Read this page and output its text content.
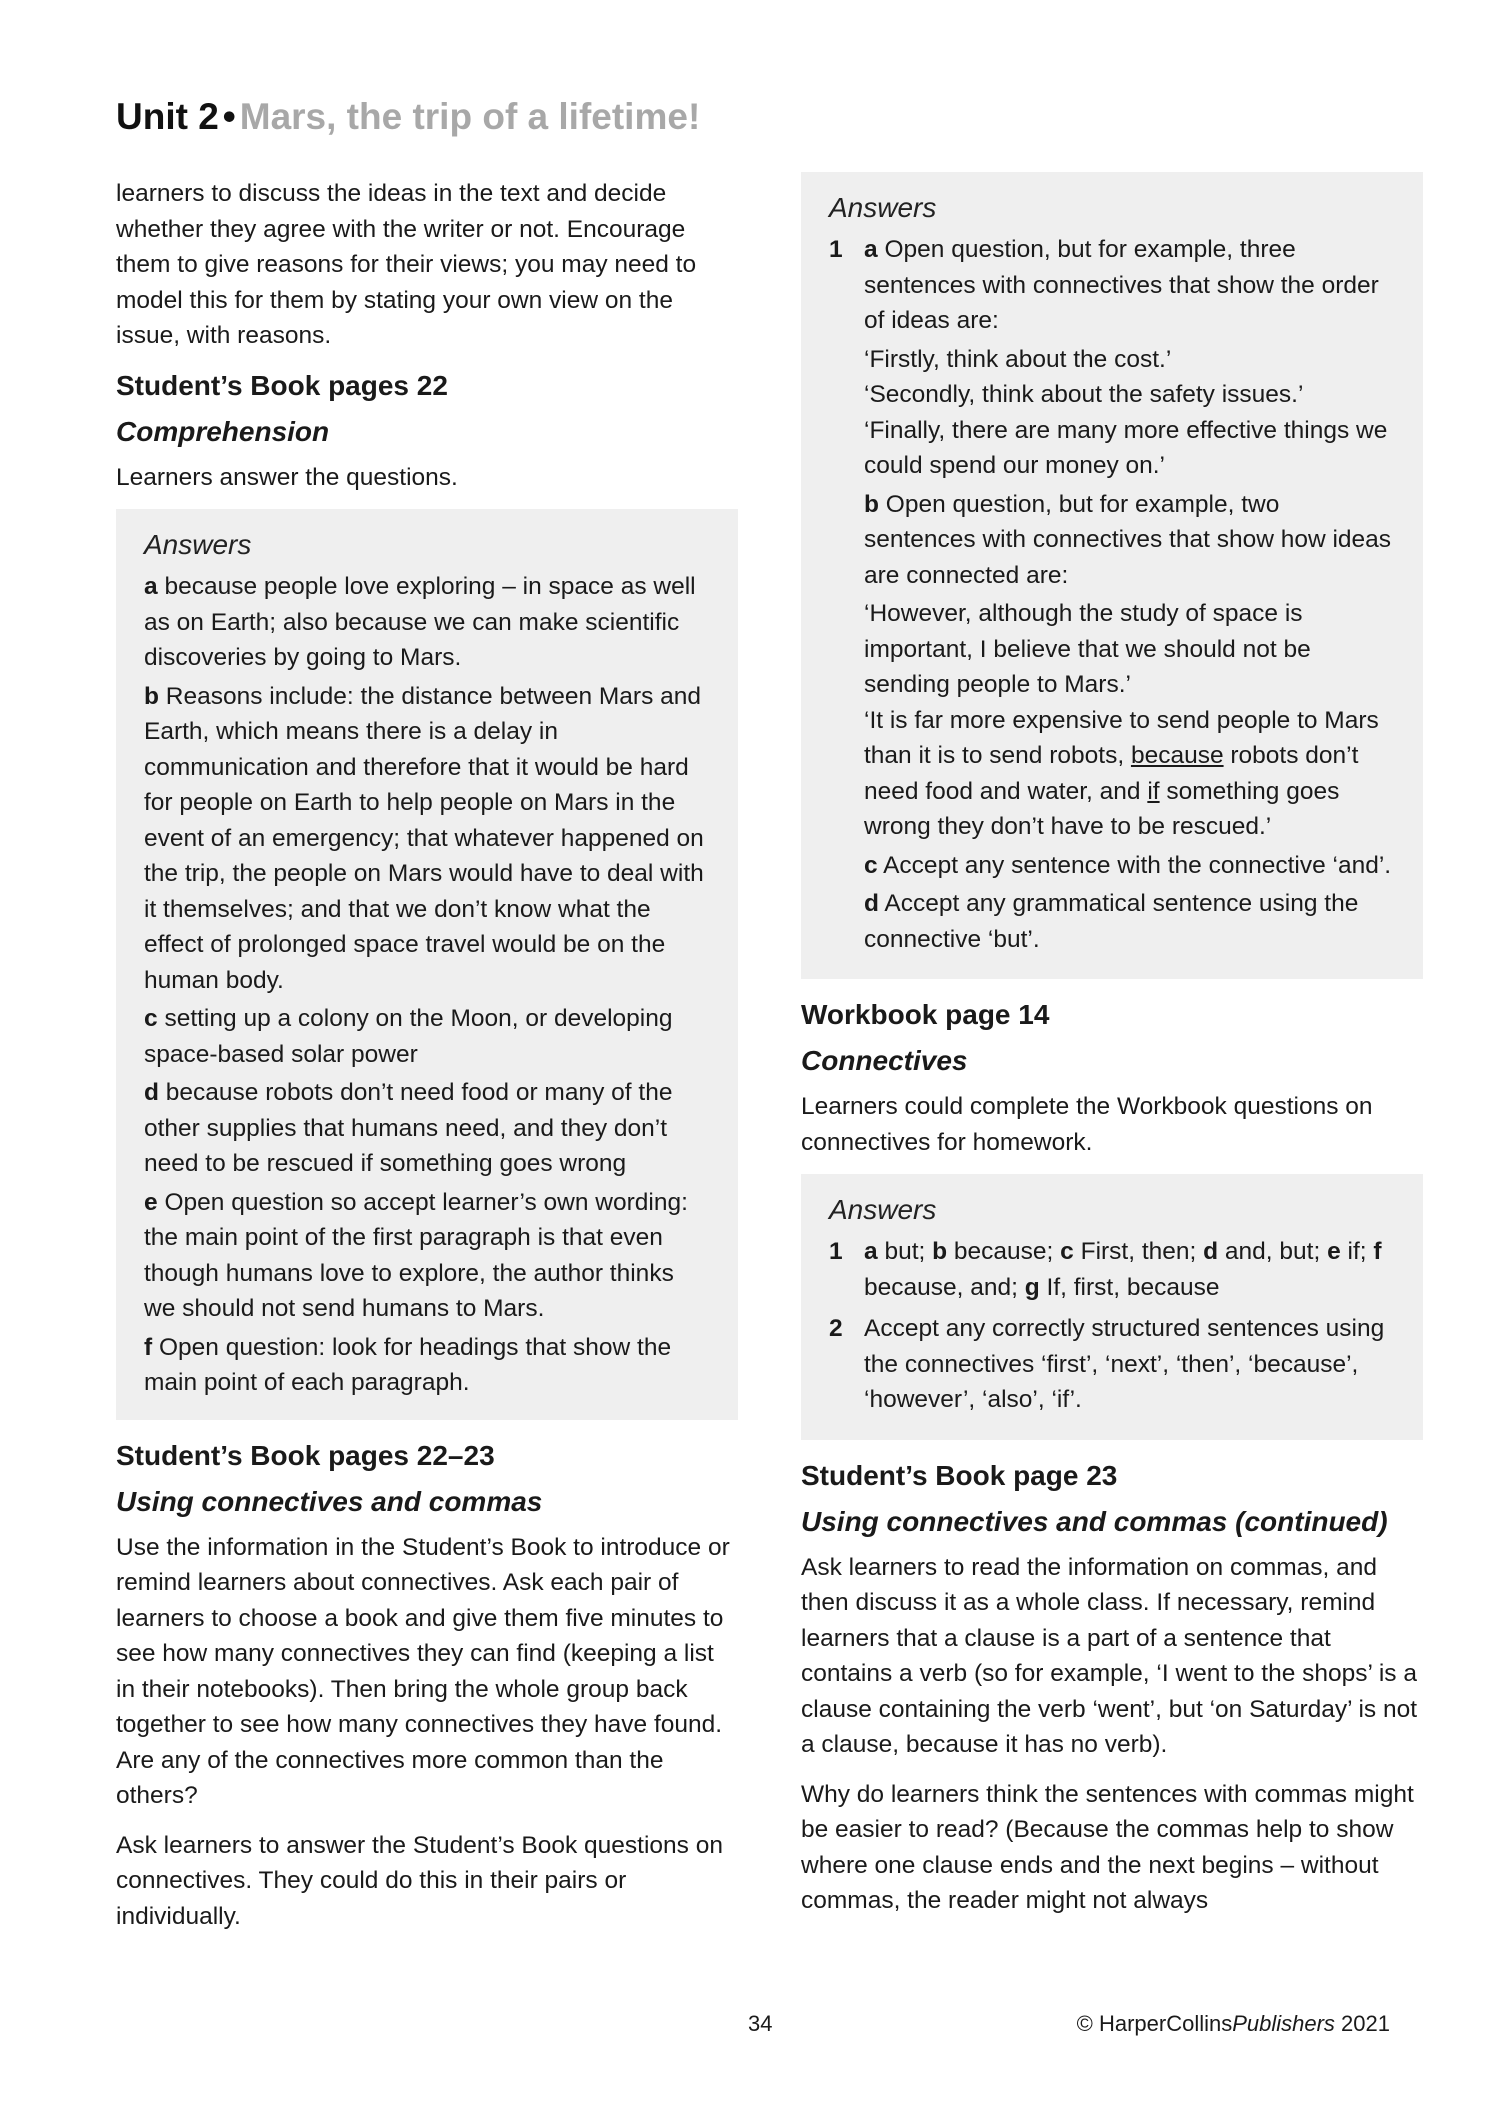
Unit 2 • Mars, the trip of a lifetime!

learners to discuss the ideas in the text and decide whether they agree with the writer or not. Encourage them to give reasons for their views; you may need to model this for them by stating your own view on the issue, with reasons.

Student’s Book pages 22
Comprehension

Learners answer the questions.

Answers

a because people love exploring – in space as well as on Earth; also because we can make scientific discoveries by going to Mars.

b Reasons include: the distance between Mars and Earth, which means there is a delay in communication and therefore that it would be hard for people on Earth to help people on Mars in the event of an emergency; that whatever happened on the trip, the people on Mars would have to deal with it themselves; and that we don’t know what the effect of prolonged space travel would be on the human body.

c setting up a colony on the Moon, or developing space-based solar power

d because robots don’t need food or many of the other supplies that humans need, and they don’t need to be rescued if something goes wrong

e Open question so accept learner’s own wording: the main point of the first paragraph is that even though humans love to explore, the author thinks we should not send humans to Mars.

f Open question: look for headings that show the main point of each paragraph.

Student’s Book pages 22–23
Using connectives and commas

Use the information in the Student’s Book to introduce or remind learners about connectives. Ask each pair of learners to choose a book and give them five minutes to see how many connectives they can find (keeping a list in their notebooks). Then bring the whole group back together to see how many connectives they have found. Are any of the connectives more common than the others?

Ask learners to answer the Student’s Book questions on connectives. They could do this in their pairs or individually.

Answers
1 a Open question, but for example, three sentences with connectives that show the order of ideas are:

‘Firstly, think about the cost.’

‘Secondly, think about the safety issues.’

‘Finally, there are many more effective things we could spend our money on.’

b Open question, but for example, two sentences with connectives that show how ideas are connected are:

‘However, although the study of space is important, I believe that we should not be sending people to Mars.’

‘It is far more expensive to send people to Mars than it is to send robots, because robots don’t need food and water, and if something goes wrong they don’t have to be rescued.’

c Accept any sentence with the connective ‘and’.

d Accept any grammatical sentence using the connective ‘but’.

Workbook page 14
Connectives

Learners could complete the Workbook questions on connectives for homework.

Answers
1 a but; b because; c First, then; d and, but; e if; f because, and; g If, first, because

2 Accept any correctly structured sentences using the connectives ‘first’, ‘next’, ‘then’, ‘because’, ‘however’, ‘also’, ‘if’.

Student’s Book page 23
Using connectives and commas (continued)

Ask learners to read the information on commas, and then discuss it as a whole class. If necessary, remind learners that a clause is a part of a sentence that contains a verb (so for example, ‘I went to the shops’ is a clause containing the verb ‘went’, but ‘on Saturday’ is not a clause, because it has no verb).

Why do learners think the sentences with commas might be easier to read? (Because the commas help to show where one clause ends and the next begins – without commas, the reader might not always

34	© HarperCollinsPublishers 2021
